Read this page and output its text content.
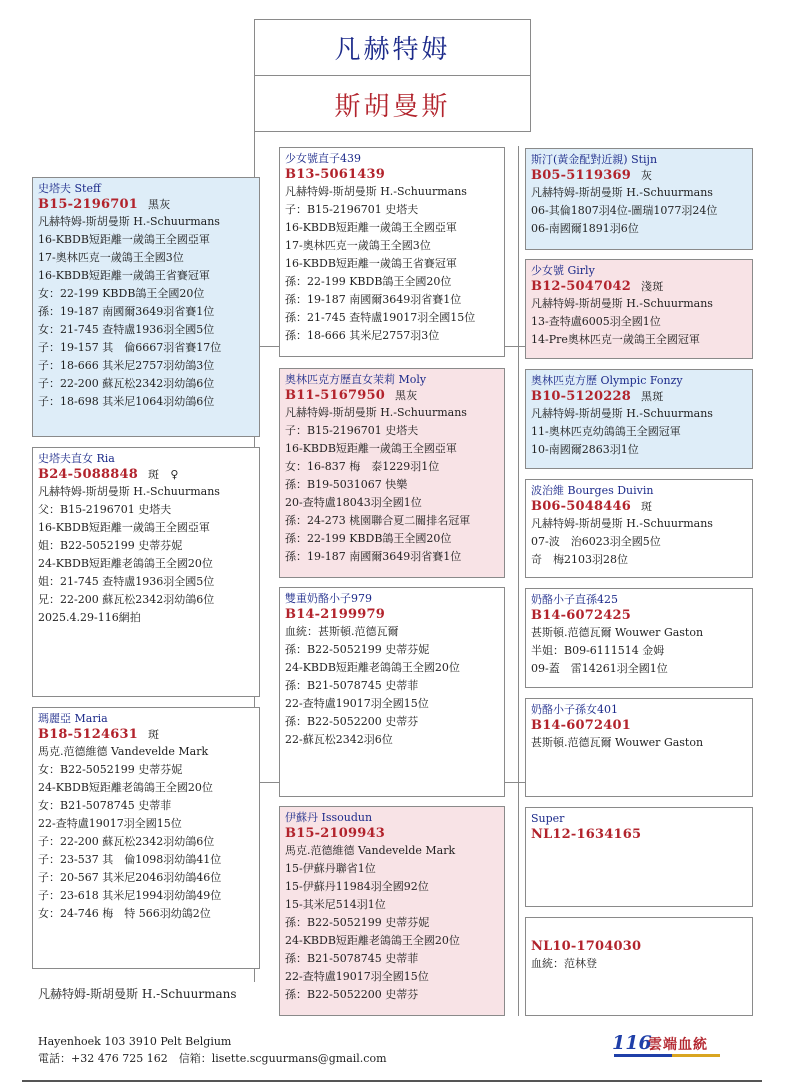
凡赫特姆
斯胡曼斯
史塔夫 Steff
B15-2196701 黑灰
凡赫特姆-斯胡曼斯 H.-Schuurmans
16-KBDB短距離一歲鴿王全國亞軍
17-奧林匹克一歲鴿王全國3位
16-KBDB短距離一歲鴿王省賽冠軍
女：22-199 KBDB鴿王全國20位
孫：19-187 南國爾3649羽省賽1位
女：21-745 查特盧1936羽全國5位
子：19-157 其　倫6667羽省賽17位
子：18-666 其米尼2757羽幼鴿3位
子：22-200 蘇瓦松2342羽幼鴿6位
子：18-698 其米尼1064羽幼鴿6位
史塔夫直女 Ria
B24-5088848 斑　♀
凡赫特姆-斯胡曼斯 H.-Schuurmans
父：B15-2196701 史塔夫
16-KBDB短距離一歲鴿王全國亞軍
姐：B22-5052199 史蒂芬妮
24-KBDB短距離老鴿鴿王全國20位
姐：21-745 查特盧1936羽全國5位
兄：22-200 蘇瓦松2342羽幼鴿6位
2025.4.29-116網拍
瑪麗亞 Maria
B18-5124631 斑
馬克.范德維德 Vandevelde Mark
女：B22-5052199 史蒂芬妮
24-KBDB短距離老鴿鴿王全國20位
女：B21-5078745 史蒂菲
22-查特盧19017羽全國15位
子：22-200 蘇瓦松2342羽幼鴿6位
子：23-537 其　倫1098羽幼鴿41位
子：20-567 其米尼2046羽幼鴿46位
子：23-618 其米尼1994羽幼鴿49位
女：24-746 梅　特 566羽幼鴿2位
少女號直子439
B13-5061439
凡赫特姆-斯胡曼斯 H.-Schuurmans
子：B15-2196701 史塔夫
16-KBDB短距離一歲鴿王全國亞軍
17-奧林匹克一歲鴿王全國3位
16-KBDB短距離一歲鴿王省賽冠軍
孫：22-199 KBDB鴿王全國20位
孫：19-187 南國爾3649羽省賽1位
孫：21-745 查特盧19017羽全國15位
孫：18-666 其米尼2757羽3位
奧林匹克方歷直女茉莉 Moly
B11-5167950 黑灰
凡赫特姆-斯胡曼斯 H.-Schuurmans
子：B15-2196701 史塔夫
16-KBDB短距離一歲鴿王全國亞軍
女：16-837 梅　泰1229羽1位
孫：B19-5031067 快樂
20-查特盧18043羽全國1位
孫：24-273 桃園聯合夏二關排名冠軍
孫：22-199 KBDB鴿王全國20位
孫：19-187 南國爾3649羽省賽1位
雙重奶酪小子979
B14-2199979
血統：甚斯頓.范德瓦爾
孫：B22-5052199 史蒂芬妮
24-KBDB短距離老鴿鴿王全國20位
孫：B21-5078745 史蒂菲
22-查特盧19017羽全國15位
孫：B22-5052200 史蒂芬
22-蘇瓦松2342羽6位
伊蘇丹 Issoudun
B15-2109943
馬克.范德維德 Vandevelde Mark
15-伊蘇丹聯省1位
15-伊蘇丹11984羽全國92位
15-其米尼514羽1位
孫：B22-5052199 史蒂芬妮
24-KBDB短距離老鴿鴿王全國20位
孫：B21-5078745 史蒂菲
22-查特盧19017羽全國15位
孫：B22-5052200 史蒂芬
斯汀(黃金配對近親) Stijn
B05-5119369 灰
凡赫特姆-斯胡曼斯 H.-Schuurmans
06-其倫1807羽4位-圖瑞1077羽24位
06-南國爾1891羽6位
少女號 Girly
B12-5047042 淺斑
凡赫特姆-斯胡曼斯 H.-Schuurmans
13-查特盧6005羽全國1位
14-Pre奧林匹克一歲鴿王全國冠軍
奧林匹克方歷 Olympic Fonzy
B10-5120228 黑斑
凡赫特姆-斯胡曼斯 H.-Schuurmans
11-奧林匹克幼鴿鴿王全國冠軍
10-南國爾2863羽1位
波治維 Bourges Duivin
B06-5048446 斑
凡赫特姆-斯胡曼斯 H.-Schuurmans
07-波　治6023羽全國5位
奇　梅2103羽28位
奶酪小子直孫425
B14-6072425
甚斯頓.范德瓦爾 Wouwer Gaston
半姐：B09-6111514 金姆
09-蓋　雷14261羽全國1位
奶酪小子孫女401
B14-6072401
甚斯頓.范德瓦爾 Wouwer Gaston
Super
NL12-1634165
NL10-1704030
血統：范林登
凡赫特姆-斯胡曼斯 H.-Schuurmans
Hayenhoek 103 3910 Pelt Belgium
電話：+32 476 725 162　信箱：lisette.scguurmans@gmail.com
116
雲端血統
